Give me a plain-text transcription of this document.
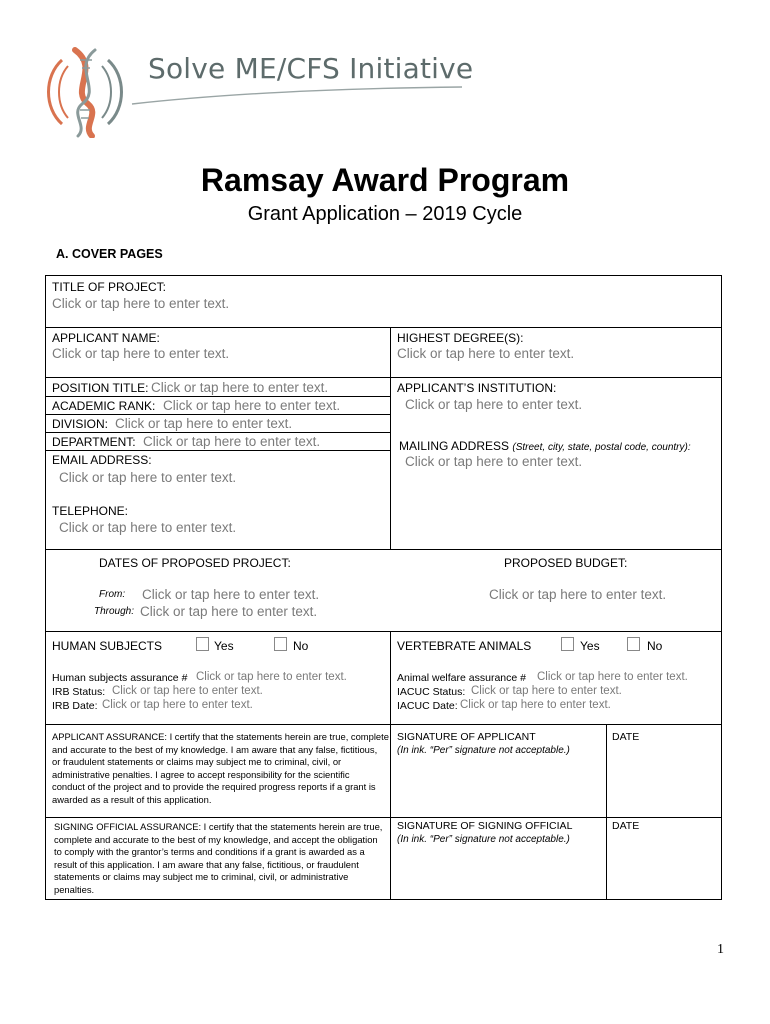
Solve ME/CFS Initiative
Ramsay Award Program
Grant Application – 2019 Cycle
A. COVER PAGES
TITLE OF PROJECT:
Click or tap here to enter text.
APPLICANT NAME:
Click or tap here to enter text.
HIGHEST DEGREE(S):
Click or tap here to enter text.
POSITION TITLE: Click or tap here to enter text.
ACADEMIC RANK: Click or tap here to enter text.
DIVISION: Click or tap here to enter text.
DEPARTMENT: Click or tap here to enter text.
EMAIL ADDRESS:
Click or tap here to enter text.
TELEPHONE:
Click or tap here to enter text.
APPLICANT’S INSTITUTION:
Click or tap here to enter text.
MAILING ADDRESS (Street, city, state, postal code, country):
Click or tap here to enter text.
DATES OF PROPOSED PROJECT:	PROPOSED BUDGET:
From: Click or tap here to enter text.
Through: Click or tap here to enter text.
Click or tap here to enter text.
HUMAN SUBJECTS	Yes	No
Human subjects assurance # Click or tap here to enter text.
IRB Status: Click or tap here to enter text.
IRB Date: Click or tap here to enter text.
VERTEBRATE ANIMALS	Yes	No
Animal welfare assurance # Click or tap here to enter text.
IACUC Status: Click or tap here to enter text.
IACUC Date: Click or tap here to enter text.
APPLICANT ASSURANCE: I certify that the statements herein are true, complete
and accurate to the best of my knowledge. I am aware that any false, fictitious,
or fraudulent statements or claims may subject me to criminal, civil, or
administrative penalties. I agree to accept responsibility for the scientific
conduct of the project and to provide the required progress reports if a grant is
awarded as a result of this application.
SIGNATURE OF APPLICANT
(In ink. “Per” signature not acceptable.)
DATE
SIGNING OFFICIAL ASSURANCE: I certify that the statements herein are true,
complete and accurate to the best of my knowledge, and accept the obligation
to comply with the grantor’s terms and conditions if a grant is awarded as a
result of this application. I am aware that any false, fictitious, or fraudulent
statements or claims may subject me to criminal, civil, or administrative
penalties.
SIGNATURE OF SIGNING OFFICIAL
(In ink. “Per” signature not acceptable.)
DATE
1
